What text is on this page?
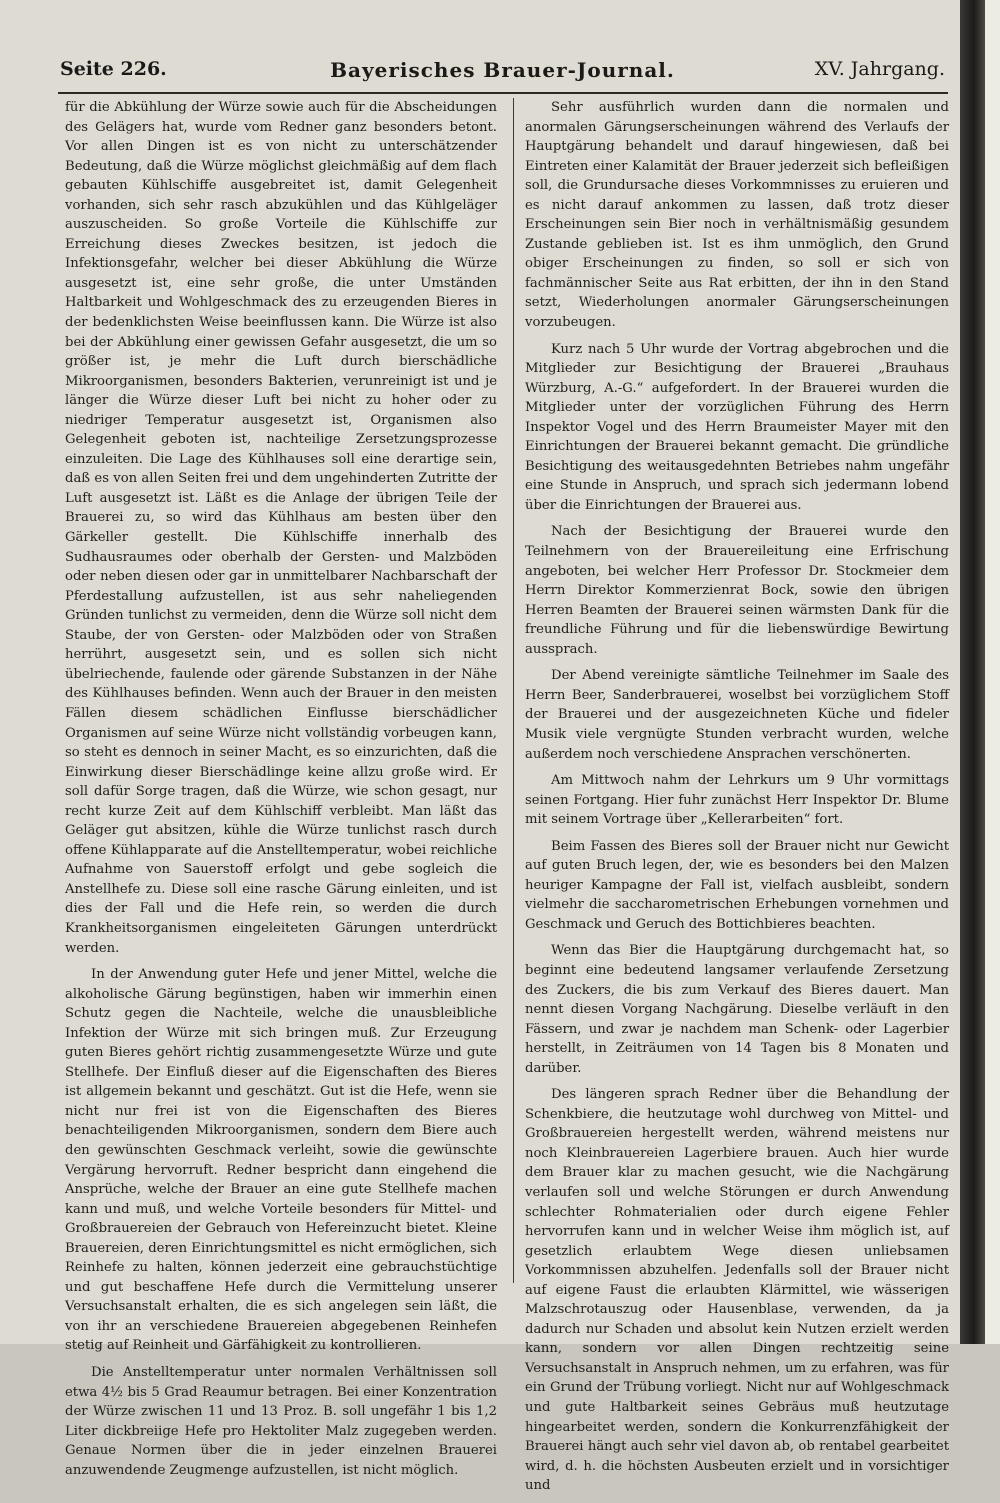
Bayerisches Brauer-Journal.
Seite 226.	XV. Jahrgang.

für die Abkühlung der Würze sowie auch für die Abscheidungen des Gelägers hat, wurde vom Redner ganz besonders betont. Vor allen Dingen ist es von nicht zu unterschätzender Bedeutung, daß die Würze möglichst gleichmäßig auf dem flach gebauten Kühlschiffe ausgebreitet ist, damit Gelegenheit vorhanden, sich sehr rasch abzukühlen und das Kühlgeläger auszuscheiden. So große Vorteile die Kühlschiffe zur Erreichung dieses Zweckes besitzen, ist jedoch die Infektionsgefahr, welcher bei dieser Abkühlung die Würze ausgesetzt ist, eine sehr große, die unter Umständen Haltbarkeit und Wohlgeschmack des zu erzeugenden Bieres in der bedenklichsten Weise beeinflussen kann. Die Würze ist also bei der Abkühlung einer gewissen Gefahr ausgesetzt, die um so größer ist, je mehr die Luft durch bierschädliche Mikroorganismen, besonders Bakterien, verunreinigt ist und je länger die Würze dieser Luft bei nicht zu hoher oder zu niedriger Temperatur ausgesetzt ist, Organismen also Gelegenheit geboten ist, nachteilige Zersetzungsprozesse einzuleiten. Die Lage des Kühlhauses soll eine derartige sein, daß es von allen Seiten frei und dem ungehinderten Zutritte der Luft ausgesetzt ist. Läßt es die Anlage der übrigen Teile der Brauerei zu, so wird das Kühlhaus am besten über den Gärkeller gestellt. Die Kühlschiffe innerhalb des Sudhausraumes oder oberhalb der Gersten- und Malzböden oder neben diesen oder gar in unmittelbarer Nachbarschaft der Pferdestallung aufzustellen, ist aus sehr naheliegenden Gründen tunlichst zu vermeiden, denn die Würze soll nicht dem Staube, der von Gersten- oder Malzböden oder von Straßen herrührt, ausgesetzt sein, und es sollen sich nicht übelriechende, faulende oder gärende Substanzen in der Nähe des Kühlhauses befinden. Wenn auch der Brauer in den meisten Fällen diesem schädlichen Einflusse bierschädlicher Organismen auf seine Würze nicht vollständig vorbeugen kann, so steht es dennoch in seiner Macht, es so einzurichten, daß die Einwirkung dieser Bierschädlinge keine allzu große wird. Er soll dafür Sorge tragen, daß die Würze, wie schon gesagt, nur recht kurze Zeit auf dem Kühlschiff verbleibt. Man läßt das Geläger gut absitzen, kühle die Würze tunlichst rasch durch offene Kühlapparate auf die Anstelltemperatur, wobei reichliche Aufnahme von Sauerstoff erfolgt und gebe sogleich die Anstellhefe zu. Diese soll eine rasche Gärung einleiten, und ist dies der Fall und die Hefe rein, so werden die durch Krankheitsorganismen eingeleiteten Gärungen unterdrückt werden.

In der Anwendung guter Hefe und jener Mittel, welche die alkoholische Gärung begünstigen, haben wir immerhin einen Schutz gegen die Nachteile, welche die unausbleibliche Infektion der Würze mit sich bringen muß. Zur Erzeugung guten Bieres gehört richtig zusammengesetzte Würze und gute Stellhefe. Der Einfluß dieser auf die Eigenschaften des Bieres ist allgemein bekannt und geschätzt. Gut ist die Hefe, wenn sie nicht nur frei ist von die Eigenschaften des Bieres benachteiligenden Mikroorganismen, sondern dem Biere auch den gewünschten Geschmack verleiht, sowie die gewünschte Vergärung hervorruft. Redner bespricht dann eingehend die Ansprüche, welche der Brauer an eine gute Stellhefe machen kann und muß, und welche Vorteile besonders für Mittel- und Großbrauereien der Gebrauch von Hefereinzucht bietet. Kleine Brauereien, deren Einrichtungsmittel es nicht ermöglichen, sich Reinhefe zu halten, können jederzeit eine gebrauchstüchtige und gut beschaffene Hefe durch die Vermittelung unserer Versuchsanstalt erhalten, die es sich angelegen sein läßt, die von ihr an verschiedene Brauereien abgegebenen Reinhefen stetig auf Reinheit und Gärfähigkeit zu kontrollieren.

Die Anstelltemperatur unter normalen Verhältnissen soll etwa 4½ bis 5 Grad Reaumur betragen. Bei einer Konzentration der Würze zwischen 11 und 13 Proz. B. soll ungefähr 1 bis 1,2 Liter dickbreiige Hefe pro Hektoliter Malz zugegeben werden. Genaue Normen über die in jeder einzelnen Brauerei anzuwendende Zeugmenge aufzustellen, ist nicht möglich.

Sehr ausführlich wurden dann die normalen und anormalen Gärungserscheinungen während des Verlaufs der Hauptgärung behandelt und darauf hingewiesen, daß bei Eintreten einer Kalamität der Brauer jederzeit sich befleißigen soll, die Grundursache dieses Vorkommnisses zu eruieren und es nicht darauf ankommen zu lassen, daß trotz dieser Erscheinungen sein Bier noch in verhältnismäßig gesundem Zustande geblieben ist. Ist es ihm unmöglich, den Grund obiger Erscheinungen zu finden, so soll er sich von fachmännischer Seite aus Rat erbitten, der ihn in den Stand setzt, Wiederholungen anormaler Gärungserscheinungen vorzubeugen.

Kurz nach 5 Uhr wurde der Vortrag abgebrochen und die Mitglieder zur Besichtigung der Brauerei „Brauhaus Würzburg, A.-G.“ aufgefordert. In der Brauerei wurden die Mitglieder unter der vorzüglichen Führung des Herrn Inspektor Vogel und des Herrn Braumeister Mayer mit den Einrichtungen der Brauerei bekannt gemacht. Die gründliche Besichtigung des weitausgedehnten Betriebes nahm ungefähr eine Stunde in Anspruch, und sprach sich jedermann lobend über die Einrichtungen der Brauerei aus.

Nach der Besichtigung der Brauerei wurde den Teilnehmern von der Brauereileitung eine Erfrischung angeboten, bei welcher Herr Professor Dr. Stockmeier dem Herrn Direktor Kommerzienrat Bock, sowie den übrigen Herren Beamten der Brauerei seinen wärmsten Dank für die freundliche Führung und für die liebenswürdige Bewirtung aussprach.

Der Abend vereinigte sämtliche Teilnehmer im Saale des Herrn Beer, Sanderbrauerei, woselbst bei vorzüglichem Stoff der Brauerei und der ausgezeichneten Küche und fideler Musik viele vergnügte Stunden verbracht wurden, welche außerdem noch verschiedene Ansprachen verschönerten.

Am Mittwoch nahm der Lehrkurs um 9 Uhr vormittags seinen Fortgang. Hier fuhr zunächst Herr Inspektor Dr. Blume mit seinem Vortrage über „Kellerarbeiten“ fort.

Beim Fassen des Bieres soll der Brauer nicht nur Gewicht auf guten Bruch legen, der, wie es besonders bei den Malzen heuriger Kampagne der Fall ist, vielfach ausbleibt, sondern vielmehr die saccharometrischen Erhebungen vornehmen und Geschmack und Geruch des Bottichbieres beachten.

Wenn das Bier die Hauptgärung durchgemacht hat, so beginnt eine bedeutend langsamer verlaufende Zersetzung des Zuckers, die bis zum Verkauf des Bieres dauert. Man nennt diesen Vorgang Nachgärung. Dieselbe verläuft in den Fässern, und zwar je nachdem man Schenk- oder Lagerbier herstellt, in Zeiträumen von 14 Tagen bis 8 Monaten und darüber.

Des längeren sprach Redner über die Behandlung der Schenkbiere, die heutzutage wohl durchweg von Mittel- und Großbrauereien hergestellt werden, während meistens nur noch Kleinbrauereien Lagerbiere brauen. Auch hier wurde dem Brauer klar zu machen gesucht, wie die Nachgärung verlaufen soll und welche Störungen er durch Anwendung schlechter Rohmaterialien oder durch eigene Fehler hervorrufen kann und in welcher Weise ihm möglich ist, auf gesetzlich erlaubtem Wege diesen unliebsamen Vorkommnissen abzuhelfen. Jedenfalls soll der Brauer nicht auf eigene Faust die erlaubten Klärmittel, wie wässerigen Malzschrotauszug oder Hausenblase, verwenden, da ja dadurch nur Schaden und absolut kein Nutzen erzielt werden kann, sondern vor allen Dingen rechtzeitig seine Versuchsanstalt in Anspruch nehmen, um zu erfahren, was für ein Grund der Trübung vorliegt. Nicht nur auf Wohlgeschmack und gute Haltbarkeit seines Gebräus muß heutzutage hingearbeitet werden, sondern die Konkurrenzfähigkeit der Brauerei hängt auch sehr viel davon ab, ob rentabel gearbeitet wird, d. h. die höchsten Ausbeuten erzielt und in vorsichtiger und
